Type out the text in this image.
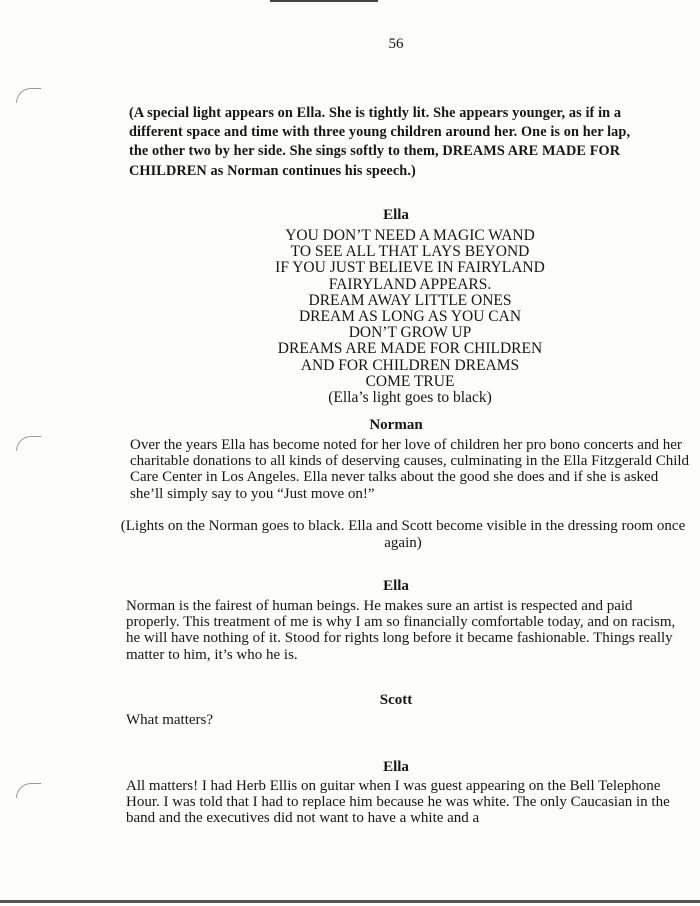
56
(A special light appears on Ella. She is tightly lit. She appears younger, as if in a different space and time with three young children around her. One is on her lap, the other two by her side. She sings softly to them, DREAMS ARE MADE FOR CHILDREN as Norman continues his speech.)
Ella
YOU DON’T NEED A MAGIC WAND
TO SEE ALL THAT LAYS BEYOND
IF YOU JUST BELIEVE IN FAIRYLAND
FAIRYLAND APPEARS.
DREAM AWAY LITTLE ONES
DREAM AS LONG AS YOU CAN
DON’T GROW UP
DREAMS ARE MADE FOR CHILDREN
AND FOR CHILDREN DREAMS
COME TRUE
(Ella’s light goes to black)
Norman
Over the years Ella has become noted for her love of children her pro bono concerts and her charitable donations to all kinds of deserving causes, culminating in the Ella Fitzgerald Child Care Center in Los Angeles. Ella never talks about the good she does and if she is asked she’ll simply say to you “Just move on!”
(Lights on the Norman goes to black. Ella and Scott become visible in the dressing room once again)
Ella
Norman is the fairest of human beings. He makes sure an artist is respected and paid properly. This treatment of me is why I am so financially comfortable today, and on racism, he will have nothing of it. Stood for rights long before it became fashionable. Things really matter to him, it’s who he is.
Scott
What matters?
Ella
All matters! I had Herb Ellis on guitar when I was guest appearing on the Bell Telephone Hour. I was told that I had to replace him because he was white. The only Caucasian in the band and the executives did not want to have a white and a
